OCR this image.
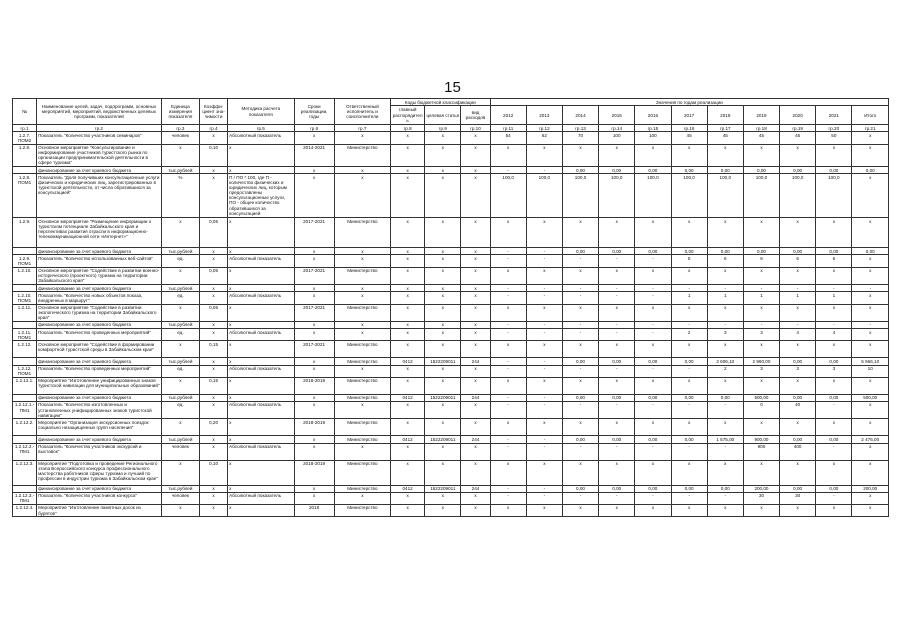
15
№	Наименование целей, задач, подпрограмм, основных мероприятий, мероприятий, ведомственных целевых программ, показателей	Единица измерения показателя	Коэффи-циент зна-чимости	Методика расчета показателя	Сроки реализации, годы	Ответственный исполнитель и соисполнители	Коды бюджетной классификации			Значения по годам реализации										
							главный распорядитель	целевая статья	вид расходов	2012	2013	2014	2015	2016	2017	2018	2019	2020	2021	Итого
гр.1	гр.2	гр.3	гр.4	гр.5	гр.6	гр.7	гр.8	гр.9	гр.10	гр.11	гр.12	гр.13	гр.14	гр.15	гр.16	гр.17	гр.18	гр.19	гр.20	гр.21
1.2.7. ПОМ2	Показатель "Количество участников семинаров"	человек	х	Абсолютный показатель	х	х	х	х	х	54	62	70	100	100	45	45	45	45	50	х
1.2.8.	Основное мероприятие "Консультирование и информирование участников туристского рынка по организации предпринимательской деятельности в сфере туризма"	х	0,10	х	2014-2021	Министерство	х	х	х	х	х	х	х	х	х	х	х	х	х	х
	финансирование за счет краевого бюджета	тыс.рублей	х	х	х	х	х	х	х	-	-	0,00	0,00	0,00	0,00	0,00	0,00	0,00	0,00	0,00
1.2.8. ПОМ1	Показатель "Доля получивших консультационные услуги физических и юридических лиц, зарегистрированных в туристской деятельности, от числа обратившихся за консультацией"	%	х	П / ПО * 100, где П - количество физических и юридических лиц, которым предоставлены консультационные услуги, ПО - общее количество обратившихся за консультацией	х	х	х	х	х	100,0	100,0	100,0	100,0	100,0	100,0	100,0	100,0	100,0	100,0	х
1.2.9.	Основное мероприятие "Размещение информации о туристском потенциале Забайкальского края и перспективах развития отрасли в информационно-телекоммуникационной сети «Интернет»"	х	0,05	х	2017-2021	Министерство	х	х	х	х	х	х	х	х	х	х	х	х	х	х
	финансирование за счет краевого бюджета	тыс.рублей	х	х	х	х	х	х	х	-	-	0,00	0,00	0,00	0,00	0,00	0,00	0,00	0,00	0,00
1.2.9. ПОМ1	Показатель "Количество использованных веб-сайтов"	ед.	х	Абсолютный показатель	х	х	х	х	х	-	-	-	-	-	5	6	6	6	6	х
1.2.10.	Основное мероприятие "Содействие в развитии военно-исторического (проектного) туризма на территории Забайкальского края"	х	0,05	х	2017-2021	Министерство	х	х	х	х	х	х	х	х	х	х	х	х	х	х
	финансирование за счет краевого бюджета	тыс.рублей	х	х	х	х	х	х	х	-	-	-	-	-	-	-	-	-	-	-
1.2.10. ПОМ1	Показатель "Количество новых объектов показа, внедренных в маршрут"	ед.	х	Абсолютный показатель	х	х	х	х	х	-	-	-	-	-	1	1	1	1	1	х
1.2.11.	Основное мероприятие "Содействие в развитии экологического туризма на территории Забайкальского края"	х	0,05	х	2017-2021	Министерство	х	х	х	х	х	х	х	х	х	х	х	х	х	х
	финансирование за счет краевого бюджета	тыс.рублей	х	х	х	х	х	х	х	-	-	-	-	-	-	-	-	-	-	-
1.2.11. ПОМ1	Показатель "Количество проведенных мероприятий"	ед.	х	Абсолютный показатель	х	х	х	х	х	-	-	-	-	-	2	3	3	4	4	х
1.2.12.	Основное мероприятие "Содействие в формировании комфортной туристской среды в Забайкальском крае"	х	0,15	х	2017-2021	Министерство	х	х	х	х	х	х	х	х	х	х	х	х	х	х
	финансирование за счет краевого бюджета	тыс.рублей	х	х	х	Министерство	0412	1522209011	244	-	-	0,00	0,00	0,00	0,00	2 606,10	2 960,00	0,00	0,00	5 566,10
1.2.12. ПОМ1	Показатель "Количество проведенных мероприятий"	ед.	х	Абсолютный показатель	х	х	х	х	х	-	-	-	-	-	-	2	3	3	3	10
1.2.12.1.	Мероприятие "Изготовление унифицированных знаков туристской навигации для муниципальных образований"	х	0,15	х	2018-2019	Министерство	х	х	х	х	х	х	х	х	х	х	х	х	х	х
	финансирование за счет краевого бюджета	тыс.рублей	х	х	х	Министерство	0412	1522209011	244	-	-	0,00	0,00	0,00	0,00	0,00	500,00	0,00	0,00	500,00
1.2.12.1.-ПМ1	Показатель "Количество изготовленных и установленных унифицированных знаков туристской навигации"	ед.	х	Абсолютный показатель	х	х	х	х	х	-	-	-	-	-	-	-	0	40	-	х
1.2.12.2.	Мероприятие "Организация экскурсионных поездок социально незащищенных групп населения"	х	0,20	х	2018-2019	Министерство	х	х	х	х	х	х	х	х	х	х	х	х	х	х
	финансирование за счет краевого бюджета	тыс.рублей	х	х	х	Министерство	0412	1522209011	244	-	-	0,00	0,00	0,00	0,00	1 575,00	900,00	0,00	0,00	2 475,00
1.2.12.2.-ПМ1	Показатель "Количество участников экскурсий и выставок"	человек	х	Абсолютный показатель	х	х	х	х	х	-	-	-	-	-	-	-	900	400	-	х
1.2.12.3.	Мероприятие "Подготовка и проведение Регионального этапа Всероссийского конкурса профессионального мастерства работников сферы туризма и лучший по профессии в индустрии туризма в Забайкальском крае"	х	0,10	х	2018-2019	Министерство	х	х	х	х	х	х	х	х	х	х	х	х	х	х
	финансирование за счет краевого бюджета	тыс.рублей	х	х	х	Министерство	0412	1522209011	244	-	-	0,00	0,00	0,00	0,00	0,00	200,00	0,00	0,00	200,00
1.2.12.3.-ПМ1	Показатель "Количество участников конкурса"	человек	х	Абсолютный показатель	х	х	х	х	х	-	-	-	-	-	-	-	30	30	-	х
1.2.12.4.	Мероприятие "Изготовление памятных досок из бурятов"	х	х	х	2018	Министерство	х	х	х	х	х	х	х	х	х	х	х	х	х	х
